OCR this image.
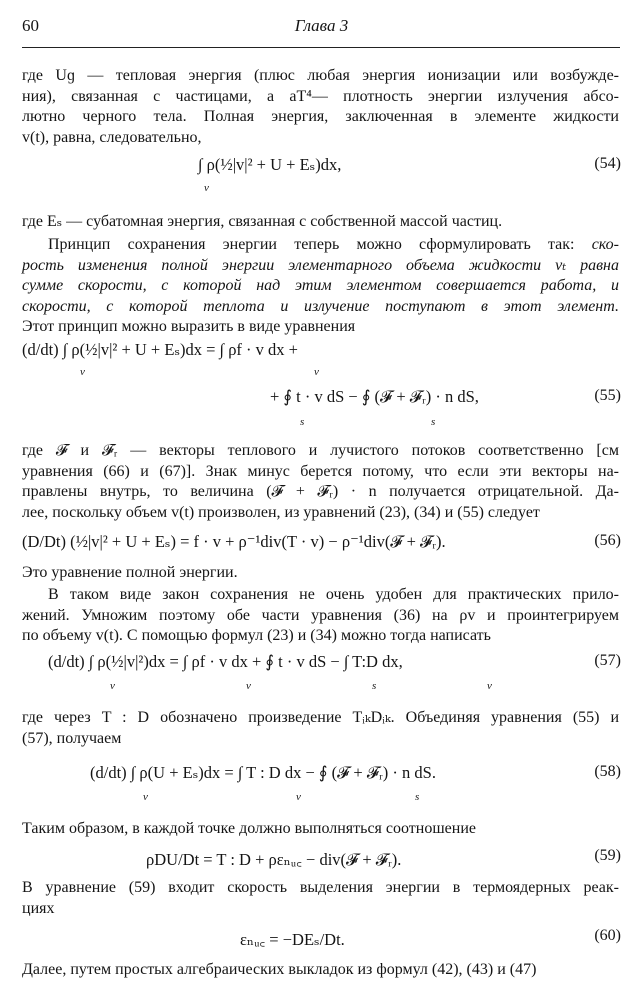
60	Глава 3
где Uɡ — тепловая энергия (плюс любая энергия ионизации или возбужде-
ния), связанная с частицами, а aT⁴— плотность энергии излучения абсо-
лютно черного тела. Полная энергия, заключенная в элементе жидкости
v(t), равна, следовательно,
∫ ρ(½|v|² + U + Eₛ)dx,
v
(54)
где Eₛ — субатомная энергия, связанная с собственной массой частиц.
Принцип сохранения энергии теперь можно сформулировать так: ско-
рость изменения полной энергии элементарного объема жидкости vₜ равна
сумме скорости, с которой над этим элементом совершается работа, и
скорости, с которой теплота и излучение поступают в этот элемент.
Этот принцип можно выразить в виде уравнения
(d/dt) ∫ ρ(½|v|² + U + Eₛ)dx = ∫ ρf · v dx +
v	v
+ ∮ t · v dS − ∮ (𝓕 + 𝓕ᵣ) · n dS,
s	s
(55)
где 𝓕 и 𝓕ᵣ — векторы теплового и лучистого потоков соответственно [см
уравнения (66) и (67)]. Знак минус берется потому, что если эти векторы на-
правлены внутрь, то величина (𝓕 + 𝓕ᵣ) · n получается отрицательной. Да-
лее, поскольку объем v(t) произволен, из уравнений (23), (34) и (55) следует
(D/Dt) (½|v|² + U + Eₛ) = f · v + ρ⁻¹div(T · v) − ρ⁻¹div(𝓕 + 𝓕ᵣ).	(56)
Это уравнение полной энергии.
В таком виде закон сохранения не очень удобен для практических прило-
жений. Умножим поэтому обе части уравнения (36) на ρv и проинтегрируем
по объему v(t). С помощью формул (23) и (34) можно тогда написать
(d/dt) ∫ ρ(½|v|²)dx = ∫ ρf · v dx + ∮ t · v dS − ∫ T:D dx,
v	v	s	v
(57)
где через T : D обозначено произведение TᵢₖDᵢₖ. Объединяя уравнения (55) и
(57), получаем
(d/dt) ∫ ρ(U + Eₛ)dx = ∫ T : D dx − ∮ (𝓕 + 𝓕ᵣ) · n dS.
v	v	s
(58)
Таким образом, в каждой точке должно выполняться соотношение
ρDU/Dt = T : D + ρεₙᵤ꜀ − div(𝓕 + 𝓕ᵣ).	(59)
В уравнение (59) входит скорость выделения энергии в термоядерных реак-
циях
εₙᵤ꜀ = −DEₛ/Dt.	(60)
Далее, путем простых алгебраических выкладок из формул (42), (43) и (47)
